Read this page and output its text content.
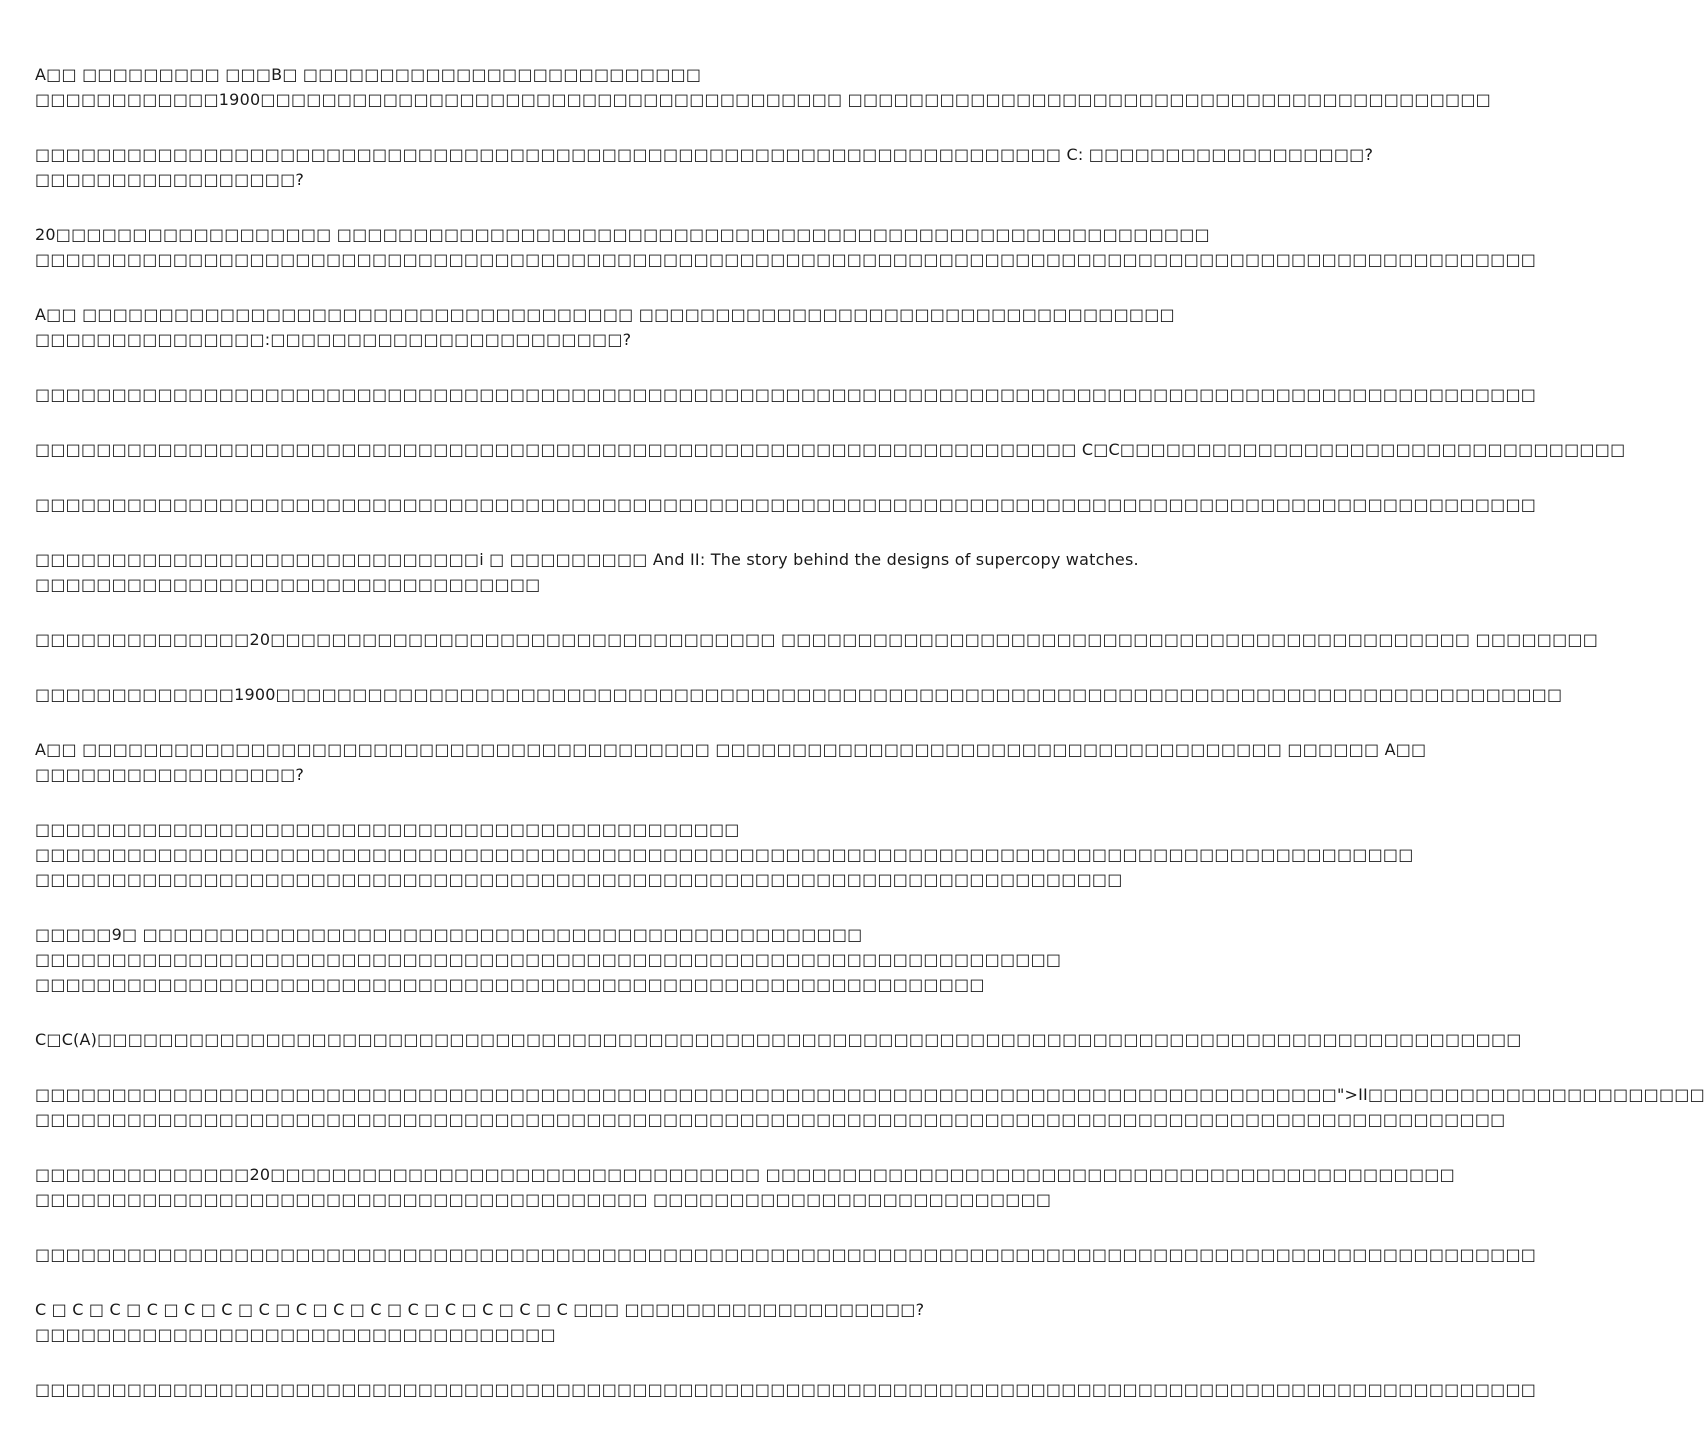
A□□ □□□□□□□□□ □□□B□ □□□□□□□□□□□□□□□□□□□□□□□□□□
□□□□□□□□□□□□1900□□□□□□□□□□□□□□□□□□□□□□□□□□□□□□□□□□□□□□ □□□□□□□□□□□□□□□□□□□□□□□□□□□□□□□□□□□□□□□□□□
□□□□□□□□□□□□□□□□□□□□□□□□□□□□□□□□□□□□□□□□□□□□□□□□□□□□□□□□□□□□□□□□□□□ C: □□□□□□□□□□□□□□□□□□?
□□□□□□□□□□□□□□□□□?
20□□□□□□□□□□□□□□□□□□ □□□□□□□□□□□□□□□□□□□□□□□□□□□□□□□□□□□□□□□□□□□□□□□□□□□□□□□□□
□□□□□□□□□□□□□□□□□□□□□□□□□□□□□□□□□□□□□□□□□□□□□□□□□□□□□□□□□□□□□□□□□□□□□□□□□□□□□□□□□□□□□□□□□□□□□□□□□□
A□□ □□□□□□□□□□□□□□□□□□□□□□□□□□□□□□□□□□□□ □□□□□□□□□□□□□□□□□□□□□□□□□□□□□□□□□□□
□□□□□□□□□□□□□□□:□□□□□□□□□□□□□□□□□□□□□□□?
□□□□□□□□□□□□□□□□□□□□□□□□□□□□□□□□□□□□□□□□□□□□□□□□□□□□□□□□□□□□□□□□□□□□□□□□□□□□□□□□□□□□□□□□□□□□□□□□□□
□□□□□□□□□□□□□□□□□□□□□□□□□□□□□□□□□□□□□□□□□□□□□□□□□□□□□□□□□□□□□□□□□□□□ C□C□□□□□□□□□□□□□□□□□□□□□□□□□□□□□□□□□
□□□□□□□□□□□□□□□□□□□□□□□□□□□□□□□□□□□□□□□□□□□□□□□□□□□□□□□□□□□□□□□□□□□□□□□□□□□□□□□□□□□□□□□□□□□□□□□□□□
□□□□□□□□□□□□□□□□□□□□□□□□□□□□□i □ □□□□□□□□□ And II: The story behind the designs of supercopy watches.
□□□□□□□□□□□□□□□□□□□□□□□□□□□□□□□□□
□□□□□□□□□□□□□□20□□□□□□□□□□□□□□□□□□□□□□□□□□□□□□□□□ □□□□□□□□□□□□□□□□□□□□□□□□□□□□□□□□□□□□□□□□□□□□□ □□□□□□□□
□□□□□□□□□□□□□1900□□□□□□□□□□□□□□□□□□□□□□□□□□□□□□□□□□□□□□□□□□□□□□□□□□□□□□□□□□□□□□□□□□□□□□□□□□□□□□□□□□□□
A□□ □□□□□□□□□□□□□□□□□□□□□□□□□□□□□□□□□□□□□□□□□ □□□□□□□□□□□□□□□□□□□□□□□□□□□□□□□□□□□□□ □□□□□□ A□□
□□□□□□□□□□□□□□□□□?
□□□□□□□□□□□□□□□□□□□□□□□□□□□□□□□□□□□□□□□□□□□□□□
□□□□□□□□□□□□□□□□□□□□□□□□□□□□□□□□□□□□□□□□□□□□□□□□□□□□□□□□□□□□□□□□□□□□□□□□□□□□□□□□□□□□□□□□□□
□□□□□□□□□□□□□□□□□□□□□□□□□□□□□□□□□□□□□□□□□□□□□□□□□□□□□□□□□□□□□□□□□□□□□□□
□□□□□9□ □□□□□□□□□□□□□□□□□□□□□□□□□□□□□□□□□□□□□□□□□□□□□□□
□□□□□□□□□□□□□□□□□□□□□□□□□□□□□□□□□□□□□□□□□□□□□□□□□□□□□□□□□□□□□□□□□□□
□□□□□□□□□□□□□□□□□□□□□□□□□□□□□□□□□□□□□□□□□□□□□□□□□□□□□□□□□□□□□□
C□C(A)□□□□□□□□□□□□□□□□□□□□□□□□□□□□□□□□□□□□□□□□□□□□□□□□□□□□□□□□□□□□□□□□□□□□□□□□□□□□□□□□□□□□□□□□□□□□□
□□□□□□□□□□□□□□□□□□□□□□□□□□□□□□□□□□□□□□□□□□□□□□□□□□□□□□□□□□□□□□□□□□□□□□□□□□□□□□□□□□□□□">II□□□□□□□□□□□□□□□□□□□□□□
□□□□□□□□□□□□□□□□□□□□□□□□□□□□□□□□□□□□□□□□□□□□□□□□□□□□□□□□□□□□□□□□□□□□□□□□□□□□□□□□□□□□□□□□□□□□□□□□
□□□□□□□□□□□□□□20□□□□□□□□□□□□□□□□□□□□□□□□□□□□□□□□ □□□□□□□□□□□□□□□□□□□□□□□□□□□□□□□□□□□□□□□□□□□□□
□□□□□□□□□□□□□□□□□□□□□□□□□□□□□□□□□□□□□□□□ □□□□□□□□□□□□□□□□□□□□□□□□□□
□□□□□□□□□□□□□□□□□□□□□□□□□□□□□□□□□□□□□□□□□□□□□□□□□□□□□□□□□□□□□□□□□□□□□□□□□□□□□□□□□□□□□□□□□□□□□□□□□□
C □ C □ C □ C □ C □ C □ C □ C □ C □ C □ C □ C □ C □ C □ C □□□ □□□□□□□□□□□□□□□□□□□?
□□□□□□□□□□□□□□□□□□□□□□□□□□□□□□□□□□
□□□□□□□□□□□□□□□□□□□□□□□□□□□□□□□□□□□□□□□□□□□□□□□□□□□□□□□□□□□□□□□□□□□□□□□□□□□□□□□□□□□□□□□□□□□□□□□□□□
